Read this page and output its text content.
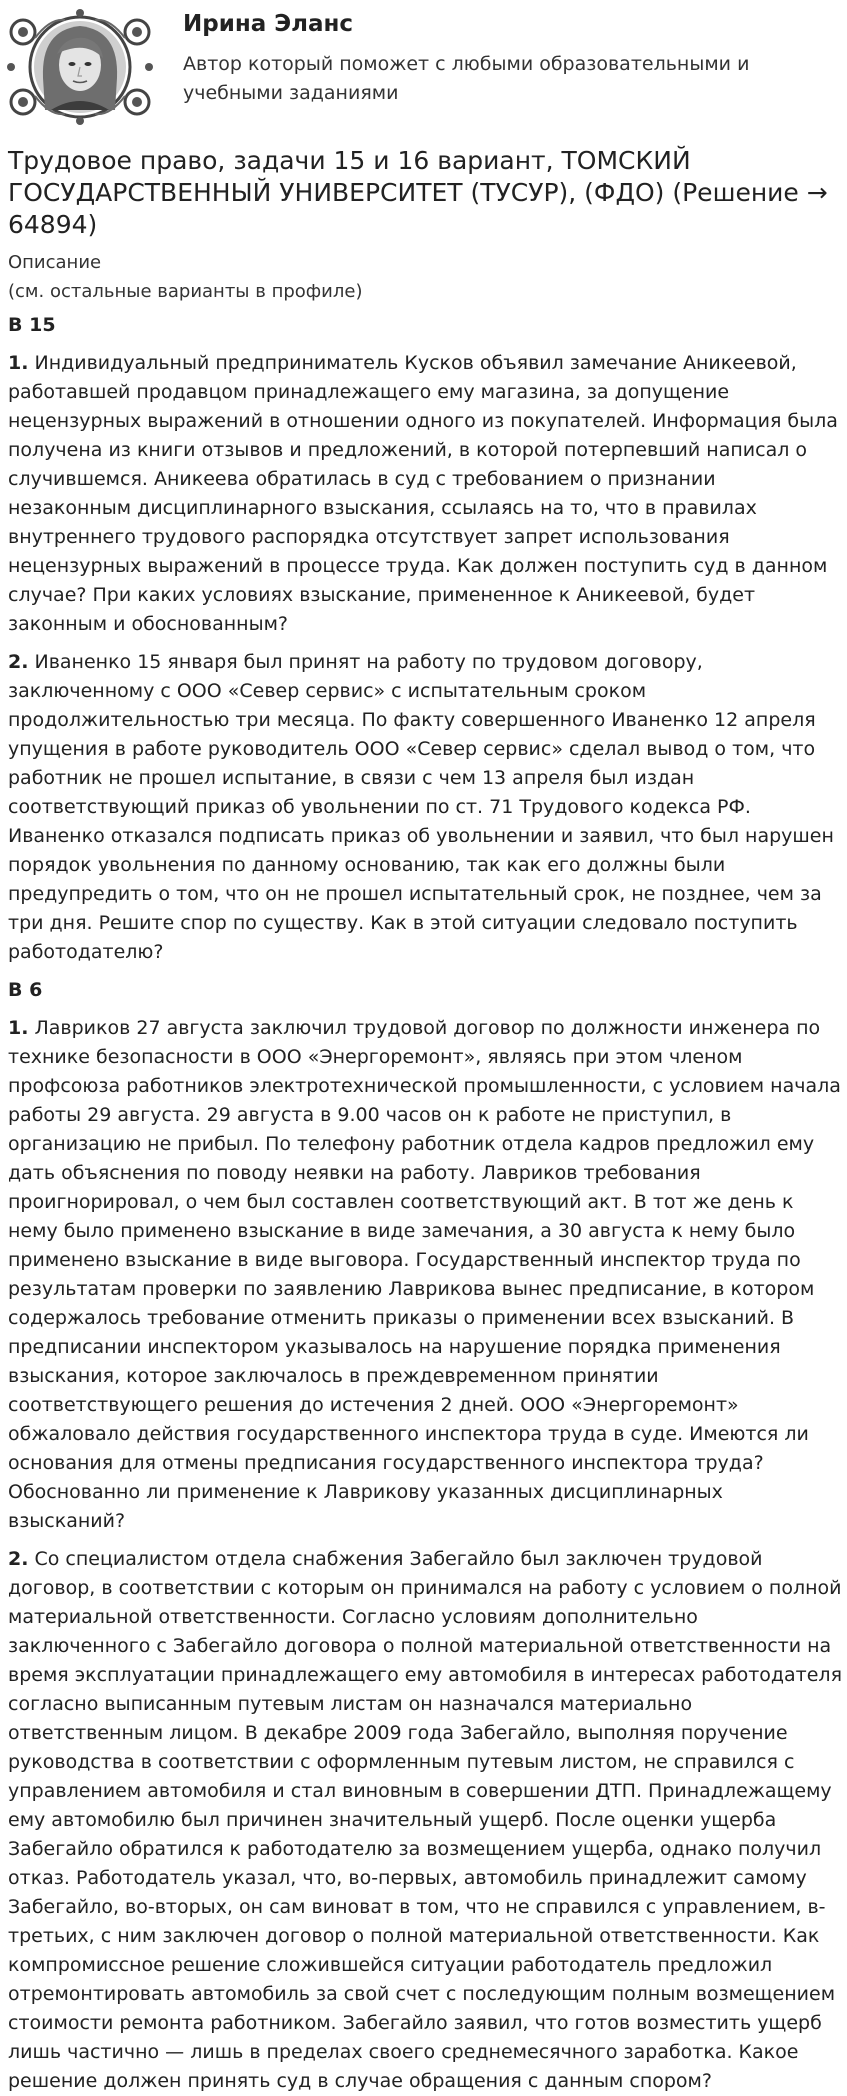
Ирина Эланс
Автор который поможет с любыми образовательными и учебными заданиями
Трудовое право, задачи 15 и 16 вариант, ТОМСКИЙ ГОСУДАРСТВЕННЫЙ УНИВЕРСИТЕТ (ТУСУР), (ФДО) (Решение → 64894)
Описание
(см. остальные варианты в профиле)
В 15
1. Индивидуальный предприниматель Кусков объявил замечание Аникеевой, работавшей продавцом принадлежащего ему магазина, за допущение нецензурных выражений в отношении одного из покупателей. Информация была получена из книги отзывов и предложений, в которой потерпевший написал о случившемся. Аникеева обратилась в суд с требованием о признании незаконным дисциплинарного взыскания, ссылаясь на то, что в правилах внутреннего трудового распорядка отсутствует запрет использования нецензурных выражений в процессе труда. Как должен поступить суд в данном случае? При каких условиях взыскание, примененное к Аникеевой, будет законным и обоснованным?
2. Иваненко 15 января был принят на работу по трудовом договору, заключенному с ООО «Север сервис» с испытательным сроком продолжительностью три месяца. По факту совершенного Иваненко 12 апреля упущения в работе руководитель ООО «Север сервис» сделал вывод о том, что работник не прошел испытание, в связи с чем 13 апреля был издан соответствующий приказ об увольнении по ст. 71 Трудового кодекса РФ. Иваненко отказался подписать приказ об увольнении и заявил, что был нарушен порядок увольнения по данному основанию, так как его должны были предупредить о том, что он не прошел испытательный срок, не позднее, чем за три дня. Решите спор по существу. Как в этой ситуации следовало поступить работодателю?
В 6
1. Лавриков 27 августа заключил трудовой договор по должности инженера по технике безопасности в ООО «Энергоремонт», являясь при этом членом профсоюза работников электротехнической промышленности, с условием начала работы 29 августа. 29 августа в 9.00 часов он к работе не приступил, в организацию не прибыл. По телефону работник отдела кадров предложил ему дать объяснения по поводу неявки на работу. Лавриков требования проигнорировал, о чем был составлен соответствующий акт. В тот же день к нему было применено взыскание в виде замечания, а 30 августа к нему было применено взыскание в виде выговора. Государственный инспектор труда по результатам проверки по заявлению Лаврикова вынес предписание, в котором содержалось требование отменить приказы о применении всех взысканий. В предписании инспектором указывалось на нарушение порядка применения взыскания, которое заключалось в преждевременном принятии соответствующего решения до истечения 2 дней. ООО «Энергоремонт» обжаловало действия государственного инспектора труда в суде. Имеются ли основания для отмены предписания государственного инспектора труда? Обоснованно ли применение к Лаврикову указанных дисциплинарных взысканий?
2. Со специалистом отдела снабжения Забегайло был заключен трудовой договор, в соответствии с которым он принимался на работу с условием о полной материальной ответственности. Согласно условиям дополнительно заключенного с Забегайло договора о полной материальной ответственности на время эксплуатации принадлежащего ему автомобиля в интересах работодателя согласно выписанным путевым листам он назначался материально ответственным лицом. В декабре 2009 года Забегайло, выполняя поручение руководства в соответствии с оформленным путевым листом, не справился с управлением автомобиля и стал виновным в совершении ДТП. Принадлежащему ему автомобилю был причинен значительный ущерб. После оценки ущерба Забегайло обратился к работодателю за возмещением ущерба, однако получил отказ. Работодатель указал, что, во-первых, автомобиль принадлежит самому Забегайло, во-вторых, он сам виноват в том, что не справился с управлением, в-третьих, с ним заключен договор о полной материальной ответственности. Как компромиссное решение сложившейся ситуации работодатель предложил отремонтировать автомобиль за свой счет с последующим полным возмещением стоимости ремонта работником. Забегайло заявил, что готов возместить ущерб лишь частично — лишь в пределах своего среднемесячного заработка. Какое решение должен принять суд в случае обращения с данным спором?
